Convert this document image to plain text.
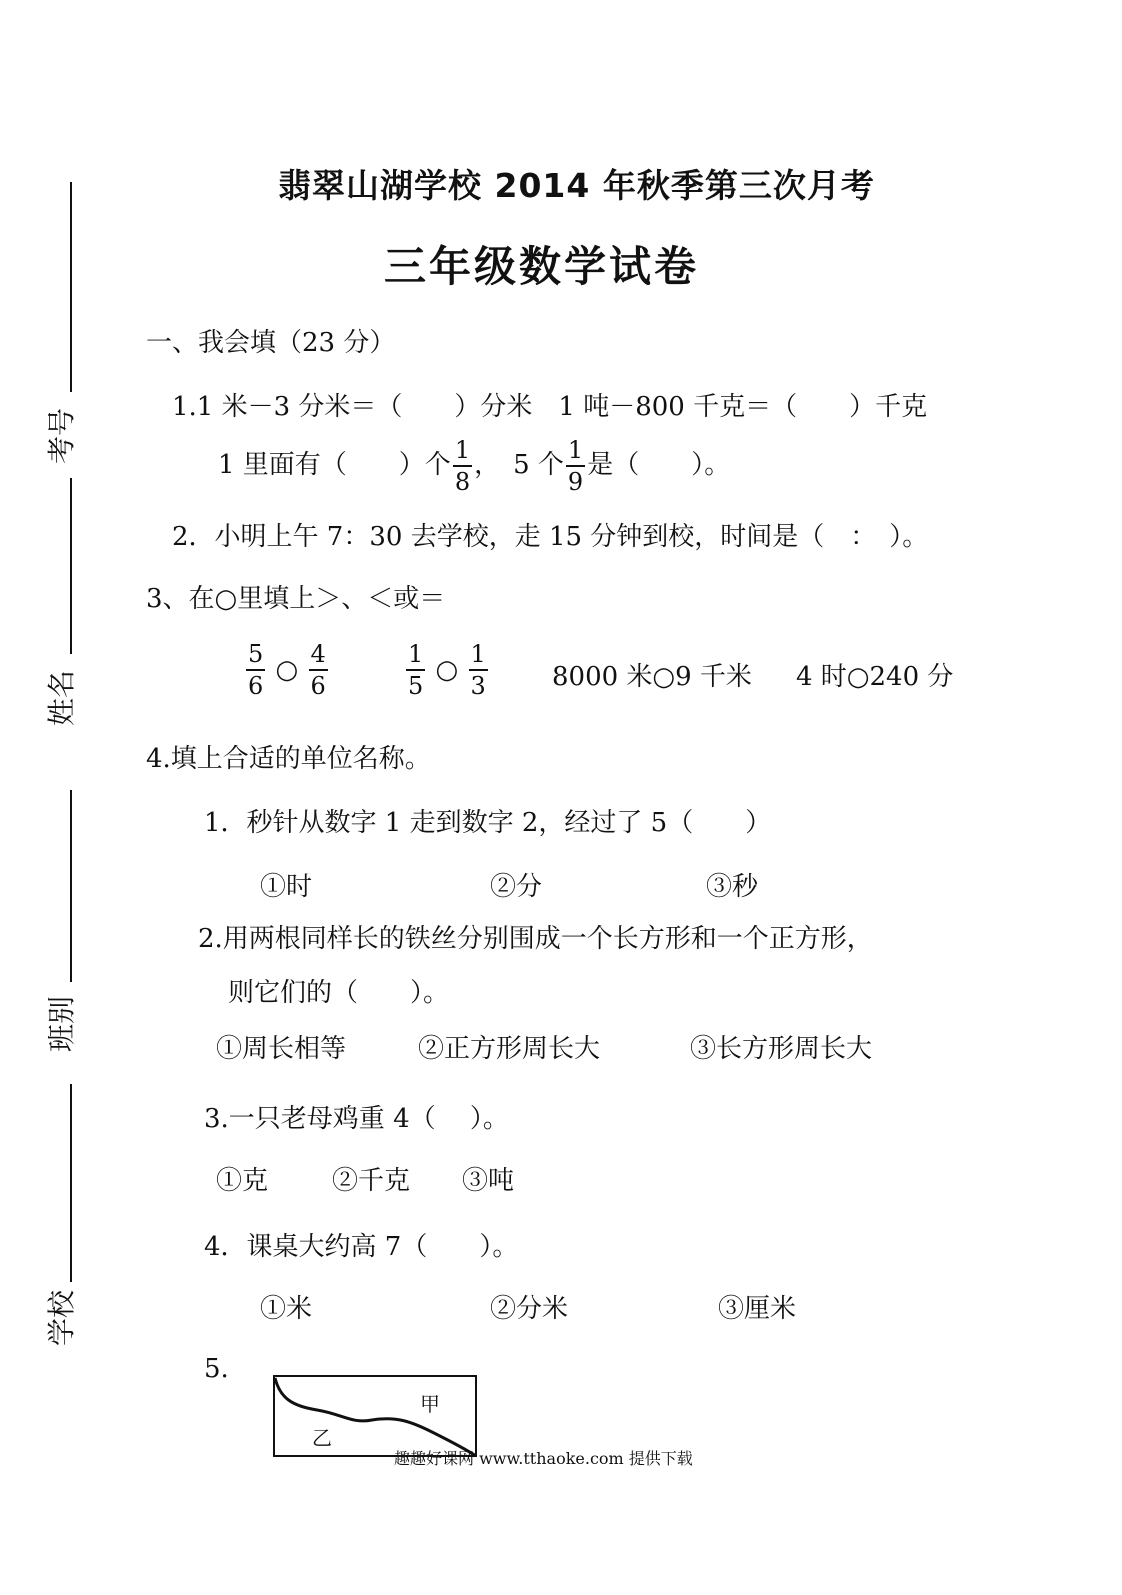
考号
姓名
班别
学校
翡翠山湖学校 2014 年秋季第三次月考
三年级数学试卷
一、我会填（23 分）
1.1 米－3 分米＝（　　）分米　1 吨－800 千克＝（　　）千克
1 里面有（　　）个 $\frac{1}{8}$ ，　5 个 $\frac{1}{9}$ 是（　　）。
2．小明上午 7：30 去学校，走 15 分钟到校，时间是（　：　）。
3、在○里填上＞、＜或＝
$\frac{5}{6}$ ○ $\frac{4}{6}$	$\frac{1}{5}$ ○ $\frac{1}{3} 8000$ 米○9 千米 4 时○240 分
4.填上合适的单位名称。
1．秒针从数字 1 走到数字 2，经过了 5（　　）
①时	②分	③秒
2.用两根同样长的铁丝分别围成一个长方形和一个正方形，
则它们的（　　）。
①周长相等	②正方形周长大	③长方形周长大
3.一只老母鸡重 4（　 ）。
①克 ②千克 ③吨
4．课桌大约高 7（　　）。
①米	②分米	③厘米
5.
甲
乙
趣趣好课网 www.tthaoke.com 提供下载
